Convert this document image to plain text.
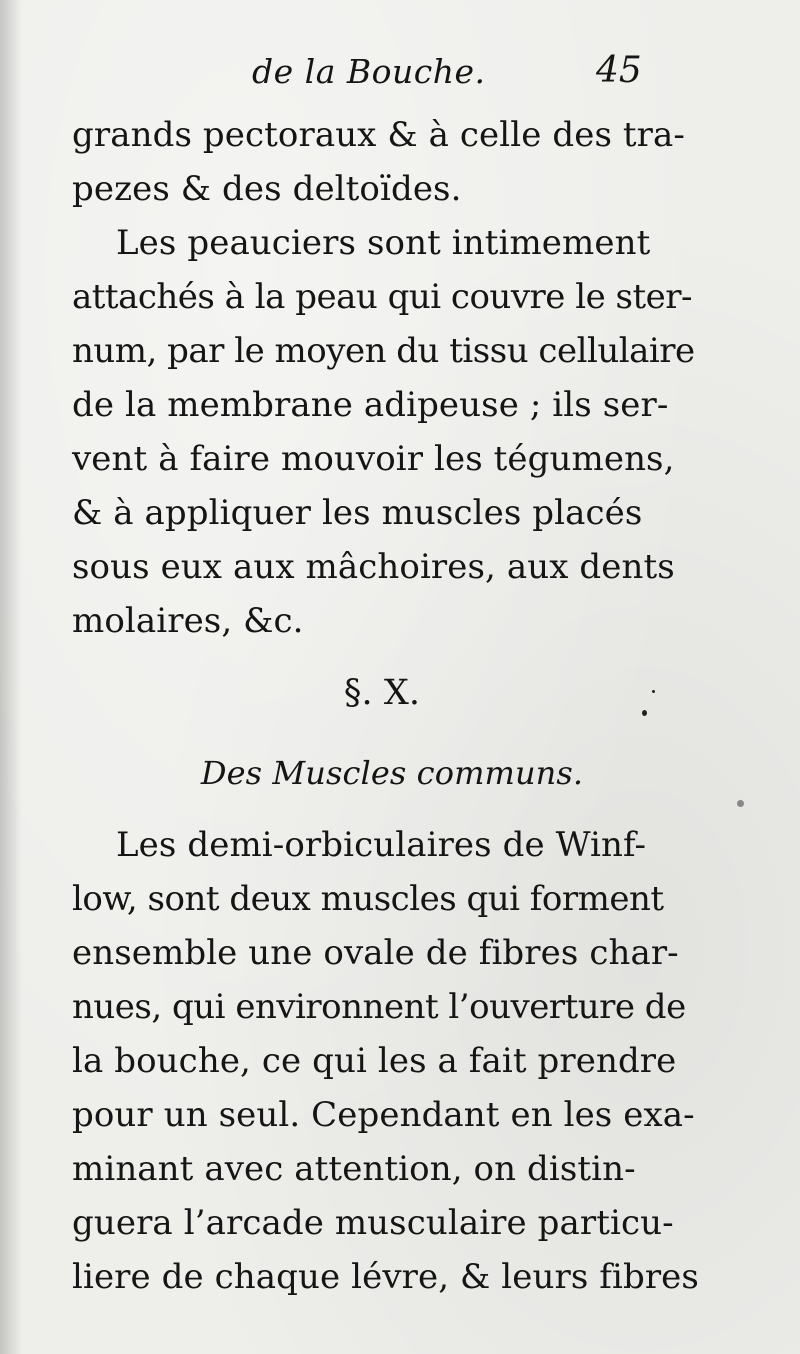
de la Bouche.	45
grands pectoraux & à celle des tra-
pezes & des deltoïdes.
Les peauciers sont intimement
attachés à la peau qui couvre le ster-
num, par le moyen du tissu cellulaire
de la membrane adipeuse ; ils ser-
vent à faire mouvoir les tégumens,
& à appliquer les muscles placés
sous eux aux mâchoires, aux dents
molaires, &c.
§. X.
Des Muscles communs.
Les demi-orbiculaires de Winf-
low, sont deux muscles qui forment
ensemble une ovale de fibres char-
nues, qui environnent l’ouverture de
la bouche, ce qui les a fait prendre
pour un seul. Cependant en les exa-
minant avec attention, on distin-
guera l’arcade musculaire particu-
liere de chaque lévre, & leurs fibres
